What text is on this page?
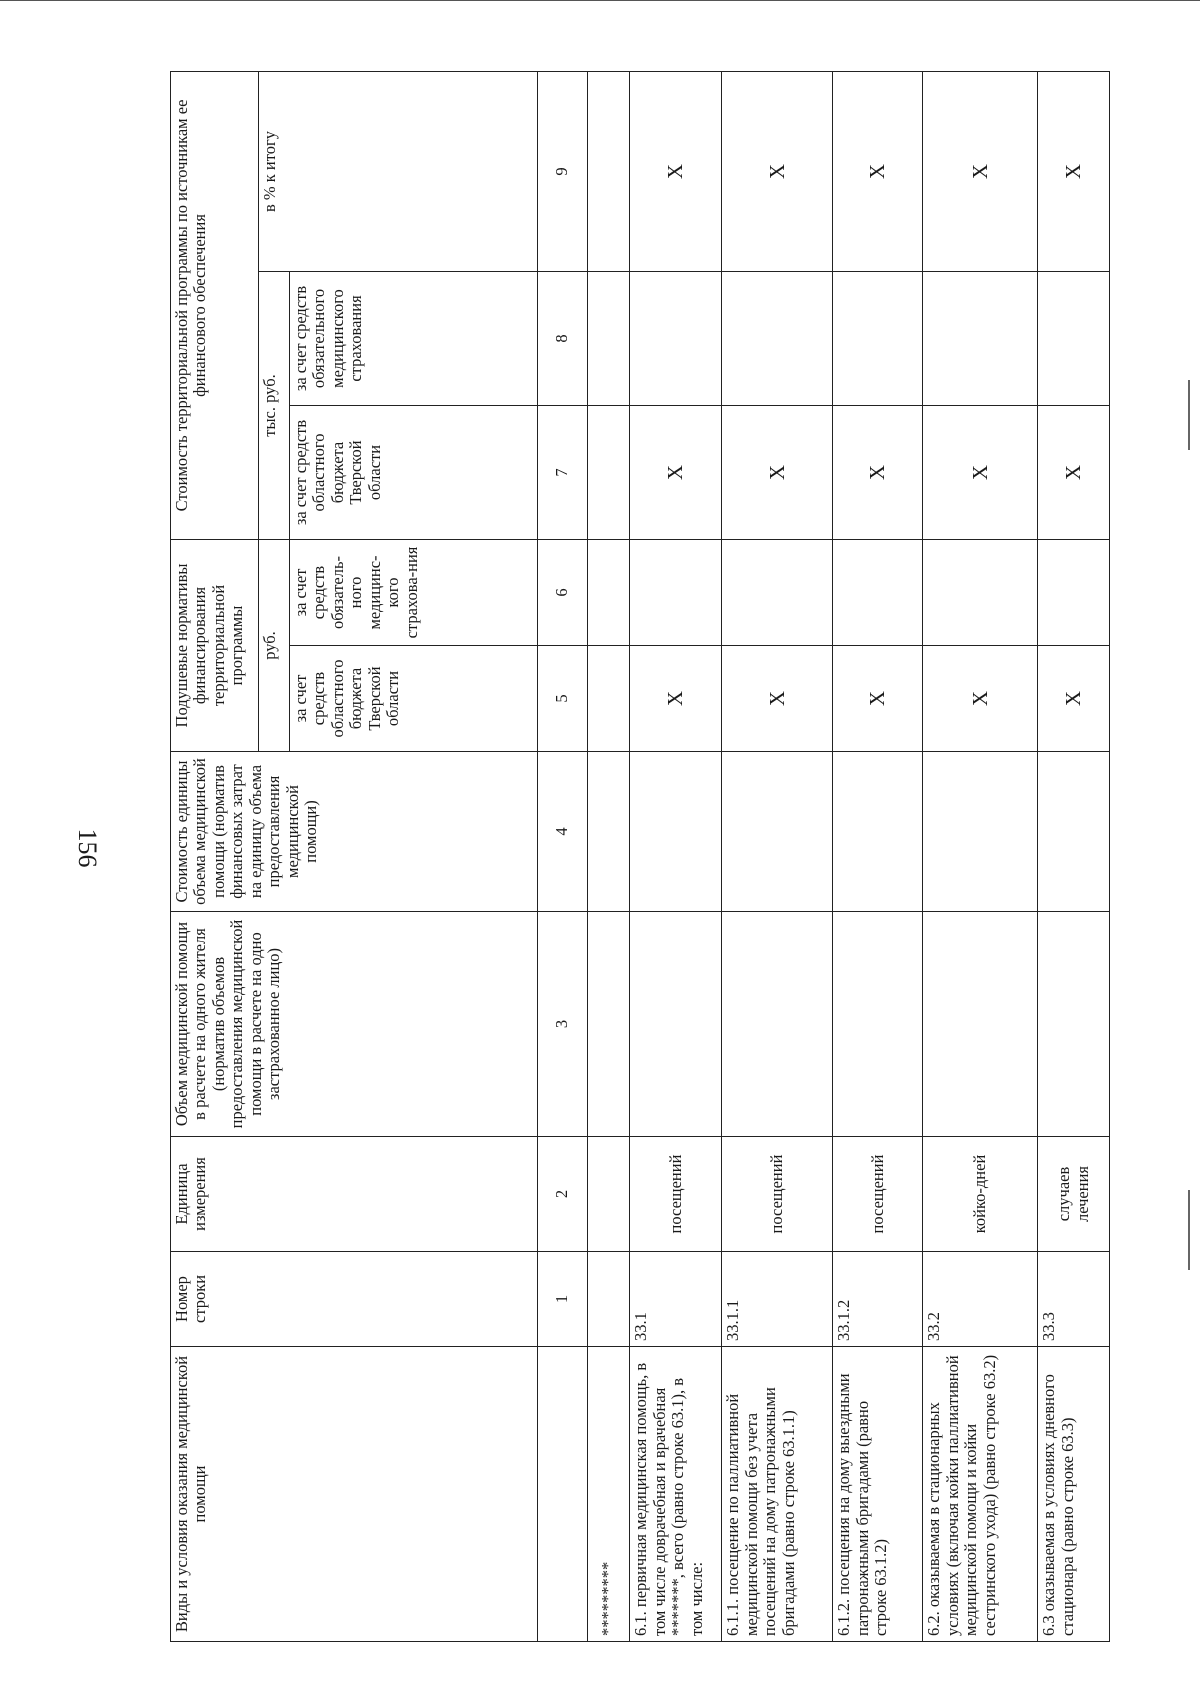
156
Виды и условия оказания медицинской помощи	Номер строки	Единица измерения	Объем медицинской помощи в расчете на одного жителя (норматив объемов предоставления медицинской помощи в расчете на одно застрахованное лицо)	Стоимость единицы объема медицинской помощи (норматив финансовых затрат на единицу объема предоставления медицинской помощи)	Подушевые нормативы финансирования территориальной программы		Стоимость территориальной программы по источникам ее финансового обеспечения		
					руб.		тыс. руб.		в % к итогу
					за счет средств областного бюджета Тверской области	за счет средств обязатель-ного медицинс-кого страхова-ния	за счет средств областного бюджета Тверской области	за счет средств обязательного медицинского страхования	
	1	2	3	4	5	6	7	8	9
*********									
6.1. первичная медицинская помощь, в том числе доврачебная и врачебная *******, всего (равно строке 63.1), в том числе:	33.1	посещений			X		X		X
6.1.1. посещение по паллиативной медицинской помощи без учета посещений на дому патронажными бригадами (равно строке 63.1.1)	33.1.1	посещений			X		X		X
6.1.2. посещения на дому выездными патронажными бригадами (равно строке 63.1.2)	33.1.2	посещений			X		X		X
6.2. оказываемая в стационарных условиях (включая койки паллиативной медицинской помощи и койки сестринского ухода) (равно строке 63.2)	33.2	койко-дней			X		X		X
6.3 оказываемая в условиях дневного стационара (равно строке 63.3)	33.3	случаев лечения			X		X		X
